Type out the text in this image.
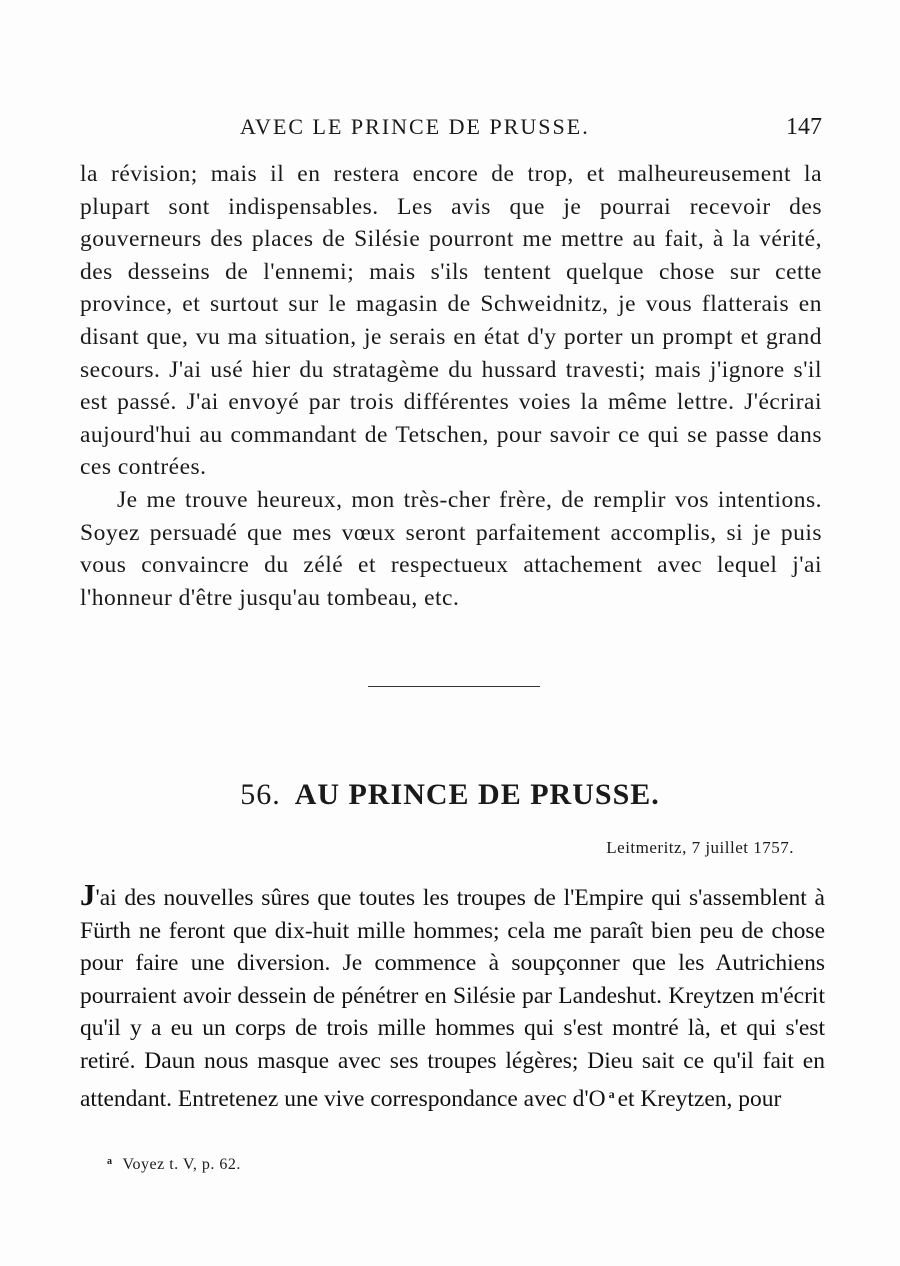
AVEC LE PRINCE DE PRUSSE.	147

la révision; mais il en restera encore de trop, et malheureusement la plupart sont indispensables. Les avis que je pourrai recevoir des gouverneurs des places de Silésie pourront me mettre au fait, à la vérité, des desseins de l'ennemi; mais s'ils tentent quelque chose sur cette province, et surtout sur le magasin de Schweidnitz, je vous flatterais en disant que, vu ma situation, je serais en état d'y porter un prompt et grand secours. J'ai usé hier du stratagème du hussard travesti; mais j'ignore s'il est passé. J'ai envoyé par trois différentes voies la même lettre. J'écrirai aujourd'hui au commandant de Tetschen, pour savoir ce qui se passe dans ces contrées.

Je me trouve heureux, mon très-cher frère, de remplir vos intentions. Soyez persuadé que mes vœux seront parfaitement accomplis, si je puis vous convaincre du zélé et respectueux attachement avec lequel j'ai l'honneur d'être jusqu'au tombeau, etc.

56. AU PRINCE DE PRUSSE.
Leitmeritz, 7 juillet 1757.

J'ai des nouvelles sûres que toutes les troupes de l'Empire qui s'assemblent à Fürth ne feront que dix-huit mille hommes; cela me paraît bien peu de chose pour faire une diversion. Je commence à soupçonner que les Autrichiens pourraient avoir dessein de pénétrer en Silésie par Landeshut. Kreytzen m'écrit qu'il y a eu un corps de trois mille hommes qui s'est montré là, et qui s'est retiré. Daun nous masque avec ses troupes légères; Dieu sait ce qu'il fait en attendant. Entretenez une vive correspondance avec d'O $^a$ et Kreytzen, pour

$^a$ Voyez t. V, p. 62.
